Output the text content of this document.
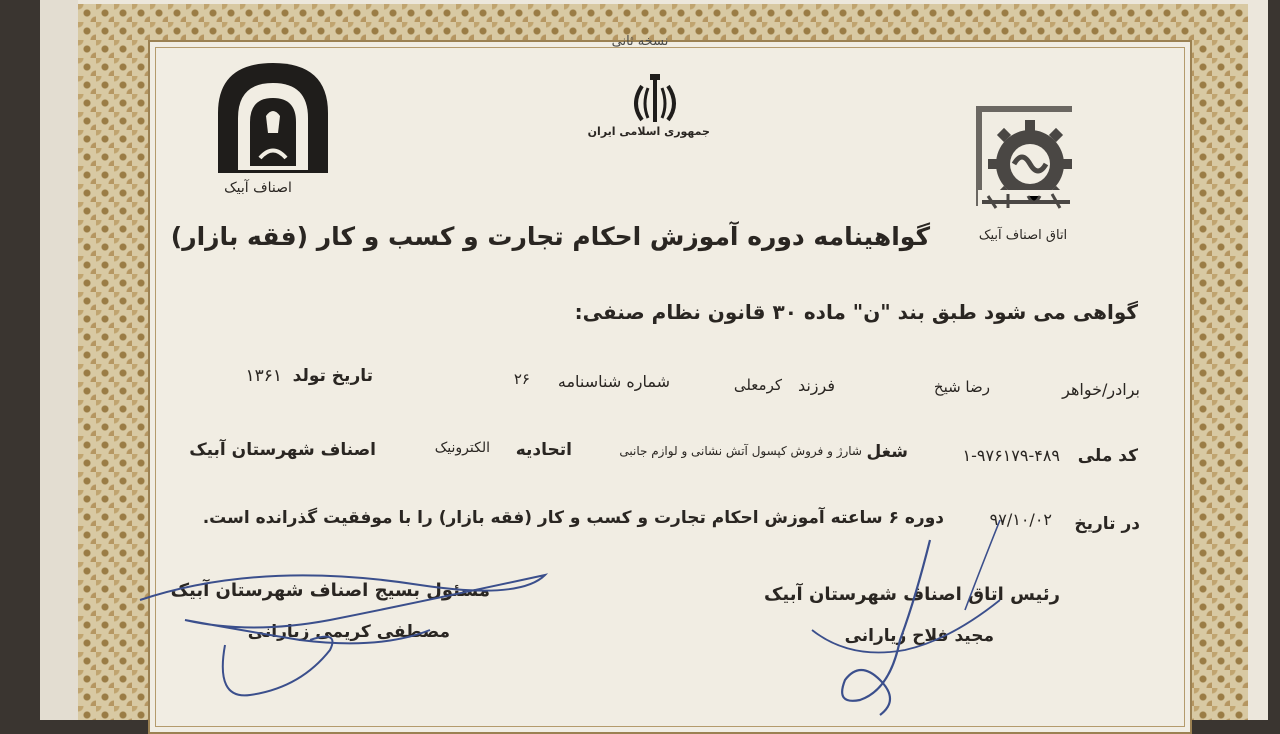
نسخه ثانی
اصناف آبیک
جمهوری اسلامی ایران
اتاق اصناف آبیک
گواهینامه دوره آموزش احکام تجارت و کسب و کار (فقه بازار)
گواهی می شود طبق بند "ن" ماده ۳۰ قانون نظام صنفی:
برادر/خواهر
رضا شیخ
فرزند
کرمعلی
شماره شناسنامه
۲۶
تاریخ تولد
۱۳۶۱
کد ملی
۱-۹۷۶۱۷۹-۴۸۹
شغل
شارژ و فروش کپسول آتش نشانی و لوازم جانبی
اتحادیه
الکترونیک
اصناف شهرستان آبیک
در تاریخ
۹۷/۱۰/۰۲
دوره ۶ ساعته آموزش احکام تجارت و کسب و کار (فقه بازار) را با موفقیت گذرانده است.
رئیس اتاق اصناف شهرستان آبیک
مجید فلاح زیارانی
مسئول بسیج اصناف شهرستان آبیک
مصطفی کریمی زیارانی
